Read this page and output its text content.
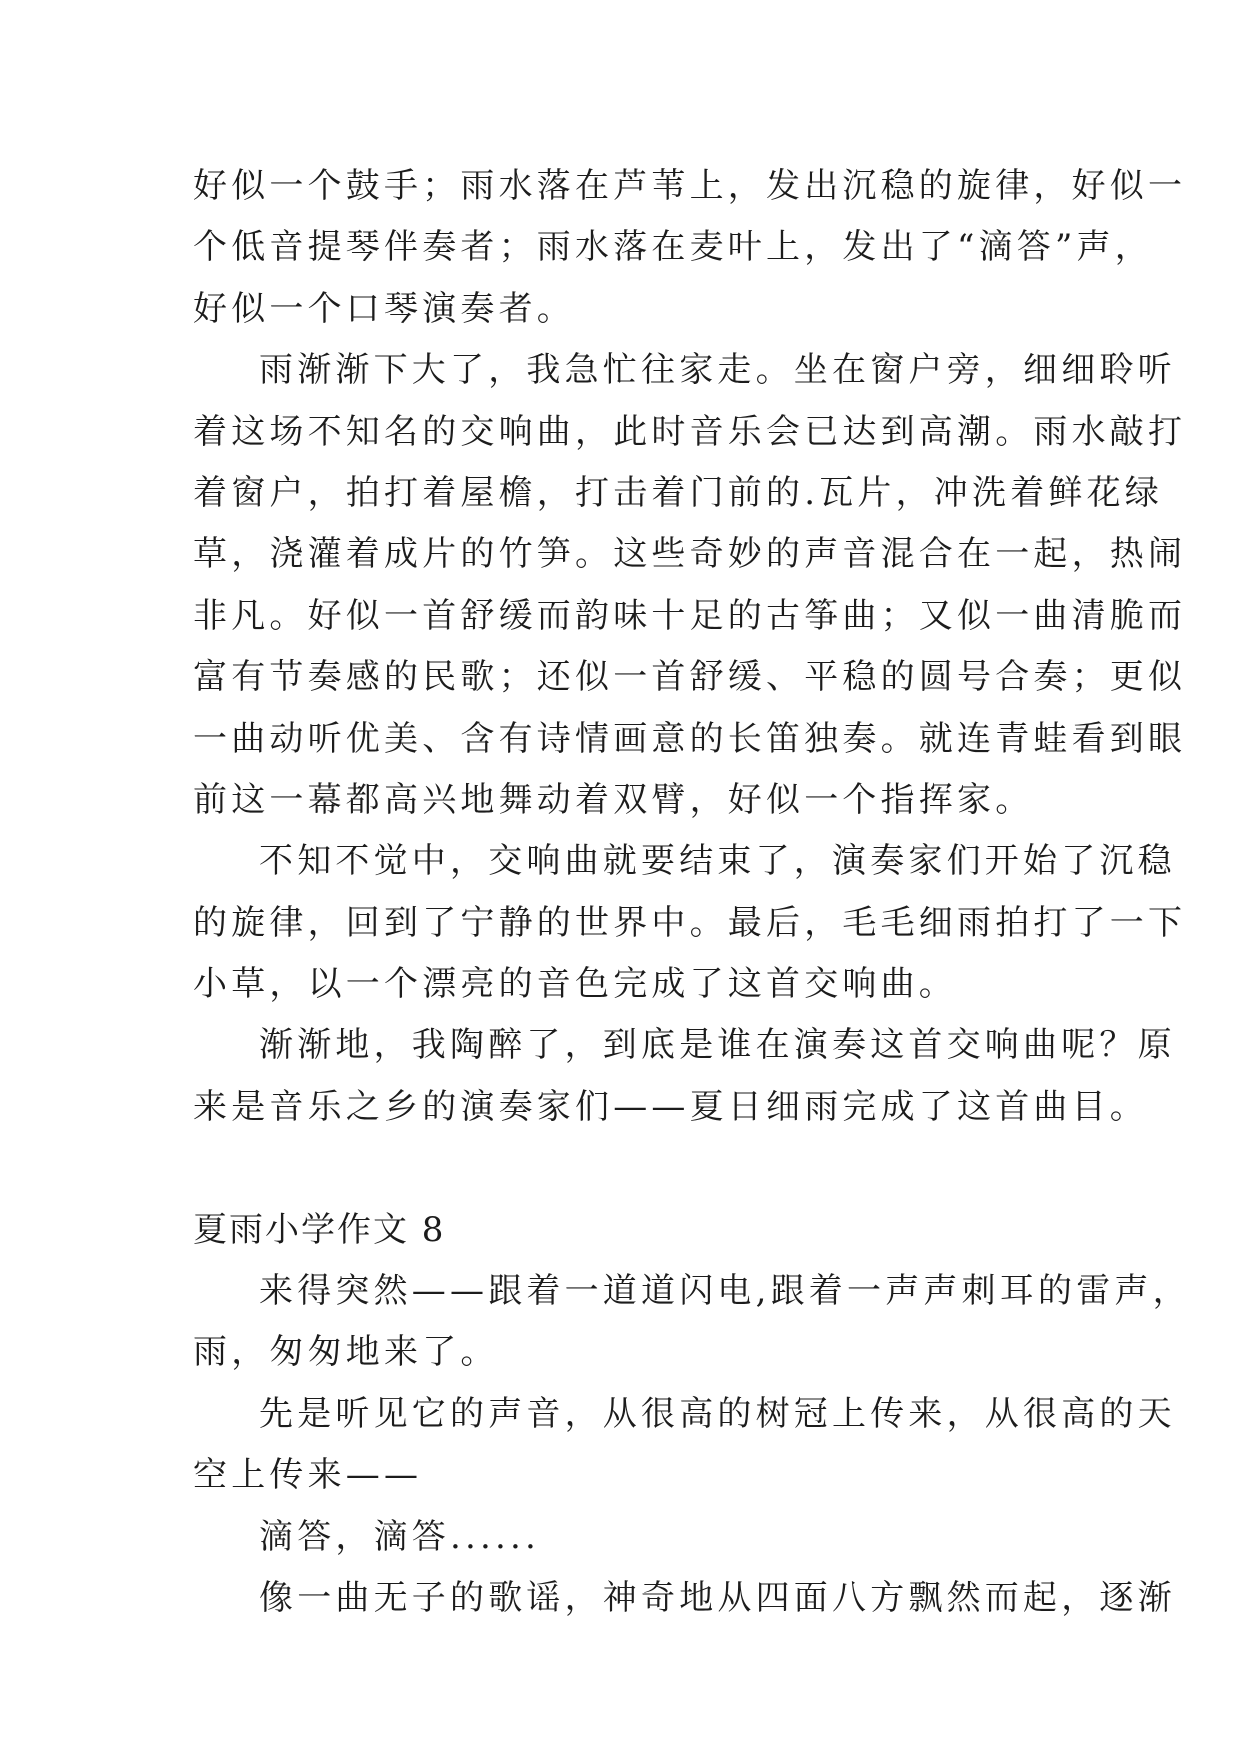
好似一个鼓手；雨水落在芦苇上，发出沉稳的旋律，好似一
个低音提琴伴奏者；雨水落在麦叶上，发出了“滴答”声，
好似一个口琴演奏者。
雨渐渐下大了，我急忙往家走。坐在窗户旁，细细聆听
着这场不知名的交响曲，此时音乐会已达到高潮。雨水敲打
着窗户，拍打着屋檐，打击着门前的.瓦片，冲洗着鲜花绿
草，浇灌着成片的竹笋。这些奇妙的声音混合在一起，热闹
非凡。好似一首舒缓而韵味十足的古筝曲；又似一曲清脆而
富有节奏感的民歌；还似一首舒缓、平稳的圆号合奏；更似
一曲动听优美、含有诗情画意的长笛独奏。就连青蛙看到眼
前这一幕都高兴地舞动着双臂，好似一个指挥家。
不知不觉中，交响曲就要结束了，演奏家们开始了沉稳
的旋律，回到了宁静的世界中。最后，毛毛细雨拍打了一下
小草，以一个漂亮的音色完成了这首交响曲。
渐渐地，我陶醉了，到底是谁在演奏这首交响曲呢？原
来是音乐之乡的演奏家们——夏日细雨完成了这首曲目。
夏雨小学作文 8
来得突然——跟着一道道闪电,跟着一声声刺耳的雷声，
雨，匆匆地来了。
先是听见它的声音，从很高的树冠上传来，从很高的天
空上传来——
滴答，滴答......
像一曲无子的歌谣，神奇地从四面八方飘然而起，逐渐
